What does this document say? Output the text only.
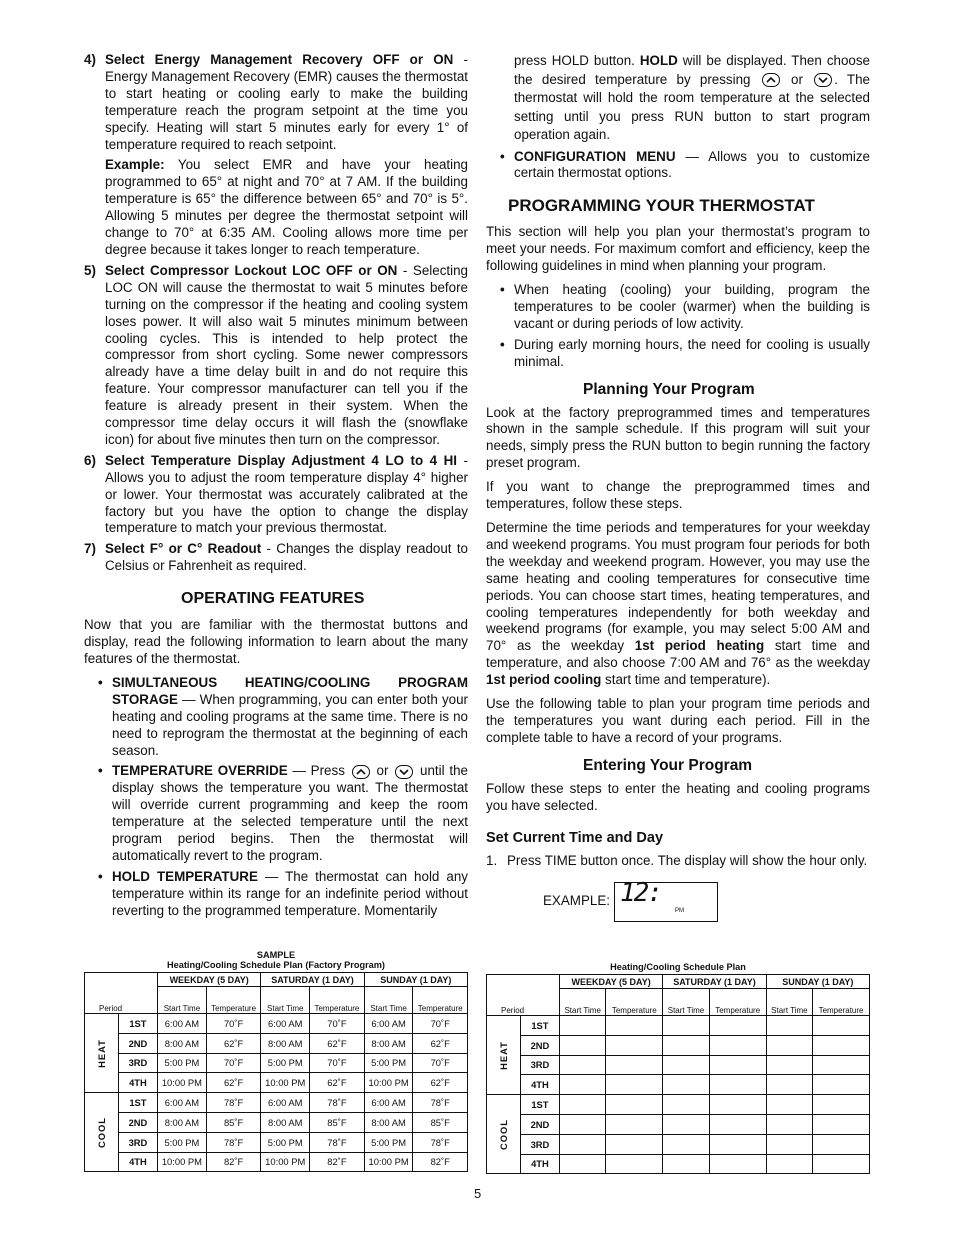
4) Select Energy Management Recovery OFF or ON - Energy Management Recovery (EMR) causes the thermostat to start heating or cooling early to make the building temperature reach the program setpoint at the time you specify. Heating will start 5 minutes early for every 1° of temperature required to reach setpoint.

Example: You select EMR and have your heating programmed to 65° at night and 70° at 7 AM. If the building temperature is 65° the difference between 65° and 70° is 5°. Allowing 5 minutes per degree the thermostat setpoint will change to 70° at 6:35 AM. Cooling allows more time per degree because it takes longer to reach temperature.

5) Select Compressor Lockout LOC OFF or ON - Selecting LOC ON will cause the thermostat to wait 5 minutes before turning on the compressor if the heating and cooling system loses power. It will also wait 5 minutes minimum between cooling cycles. This is intended to help protect the compressor from short cycling. Some newer compressors already have a time delay built in and do not require this feature. Your compressor manufacturer can tell you if the feature is already present in their system. When the compressor time delay occurs it will flash the (snowflake icon) for about five minutes then turn on the compressor.

6) Select Temperature Display Adjustment 4 LO to 4 HI - Allows you to adjust the room temperature display 4° higher or lower. Your thermostat was accurately calibrated at the factory but you have the option to change the display temperature to match your previous thermostat.

7) Select F° or C° Readout - Changes the display readout to Celsius or Fahrenheit as required.

OPERATING FEATURES

Now that you are familiar with the thermostat buttons and display, read the following information to learn about the many features of the thermostat.

• SIMULTANEOUS HEATING/COOLING PROGRAM STORAGE — When programming, you can enter both your heating and cooling programs at the same time. There is no need to reprogram the thermostat at the beginning of each season.
• TEMPERATURE OVERRIDE — Press
or
until the display shows the temperature you want. The thermostat will override current programming and keep the room temperature at the selected temperature until the next program period begins. Then the thermostat will automatically revert to the program.
• HOLD TEMPERATURE — The thermostat can hold any temperature within its range for an indefinite period without reverting to the programmed temperature. Momentarily
press HOLD button. HOLD will be displayed. Then choose the desired temperature by pressing
or
. The thermostat will hold the room temperature at the selected setting until you press RUN button to start program operation again.
• CONFIGURATION MENU — Allows you to customize certain thermostat options.
PROGRAMMING YOUR THERMOSTAT

This section will help you plan your thermostat’s program to meet your needs. For maximum comfort and efficiency, keep the following guidelines in mind when planning your program.

• When heating (cooling) your building, program the temperatures to be cooler (warmer) when the building is vacant or during periods of low activity.
• During early morning hours, the need for cooling is usually minimal.
Planning Your Program

Look at the factory preprogrammed times and temperatures shown in the sample schedule. If this program will suit your needs, simply press the RUN button to begin running the factory preset program.

If you want to change the preprogrammed times and temperatures, follow these steps.

Determine the time periods and temperatures for your weekday and weekend programs. You must program four periods for both the weekday and weekend program. However, you may use the same heating and cooling temperatures for consecutive time periods. You can choose start times, heating temperatures, and cooling temperatures independently for both weekday and weekend programs (for example, you may select 5:00 AM and 70° as the weekday 1st period heating start time and temperature, and also choose 7:00 AM and 76° as the weekday 1st period cooling start time and temperature).

Use the following table to plan your program time periods and the temperatures you want during each period. Fill in the complete table to have a record of your programs.

Entering Your Program

Follow these steps to enter the heating and cooling programs you have selected.

Set Current Time and Day
1. Press TIME button once. The display will show the hour only.
EXAMPLE: 12:
PM
SAMPLE
Heating/Cooling Schedule Plan (Factory Program)
Period		WEEKDAY (5 DAY)		SATURDAY (1 DAY)		SUNDAY (1 DAY)	
		Start Time	Temperature	Start Time	Temperature	Start Time	Temperature
HEAT	1ST	6:00 AM	70˚F	6:00 AM	70˚F	6:00 AM	70˚F
	2ND	8:00 AM	62˚F	8:00 AM	62˚F	8:00 AM	62˚F
	3RD	5:00 PM	70˚F	5:00 PM	70˚F	5:00 PM	70˚F
	4TH	10:00 PM	62˚F	10:00 PM	62˚F	10:00 PM	62˚F
COOL	1ST	6:00 AM	78˚F	6:00 AM	78˚F	6:00 AM	78˚F
	2ND	8:00 AM	85˚F	8:00 AM	85˚F	8:00 AM	85˚F
	3RD	5:00 PM	78˚F	5:00 PM	78˚F	5:00 PM	78˚F
	4TH	10:00 PM	82˚F	10:00 PM	82˚F	10:00 PM	82˚F
Heating/Cooling Schedule Plan
Period		WEEKDAY (5 DAY)		SATURDAY (1 DAY)		SUNDAY (1 DAY)	
		Start Time	Temperature	Start Time	Temperature	Start Time	Temperature
HEAT	1ST						
	2ND						
	3RD						
	4TH						
COOL	1ST						
	2ND						
	3RD						
	4TH						
5
